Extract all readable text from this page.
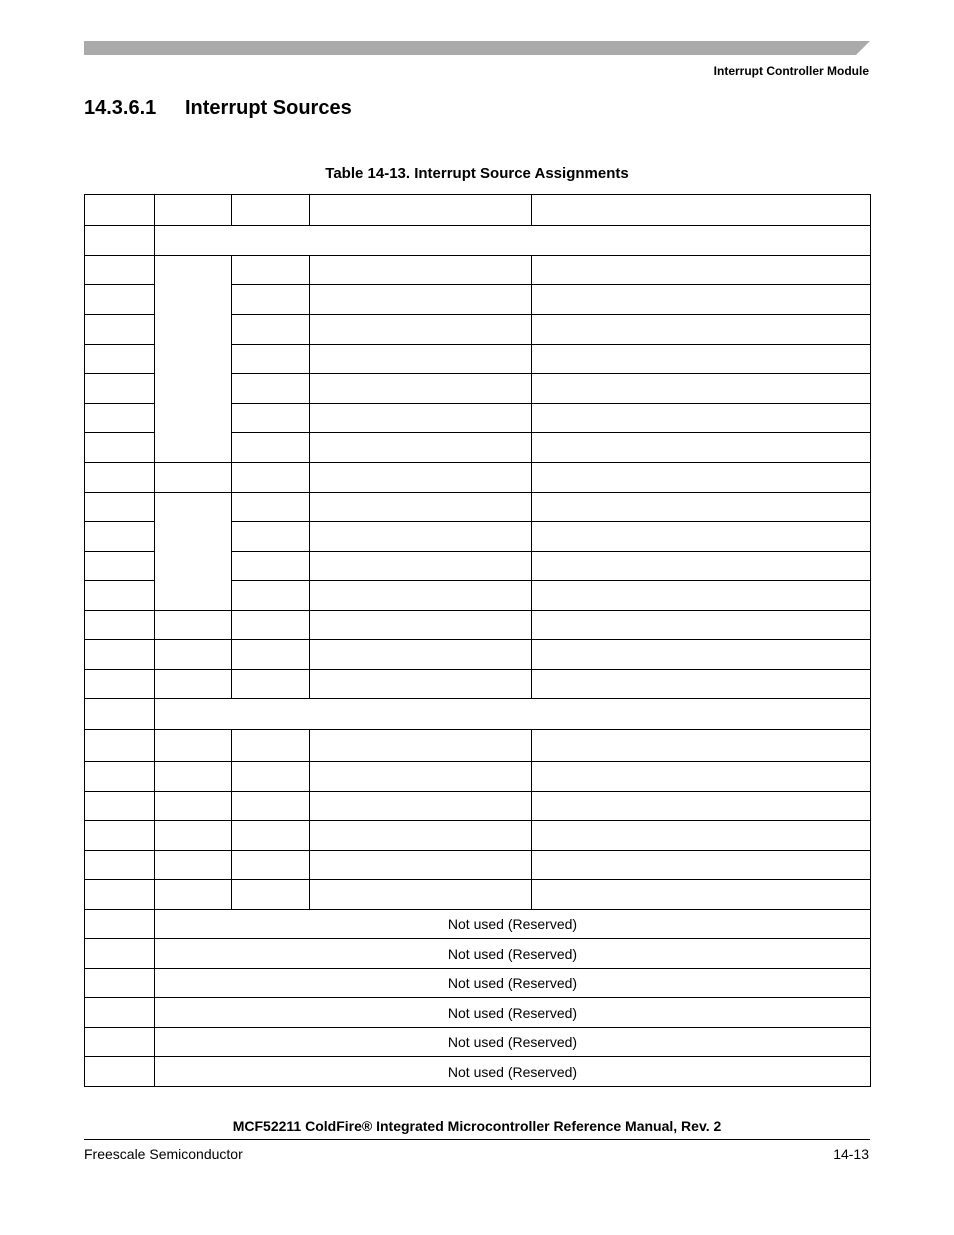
Interrupt Controller Module
14.3.6.1 Interrupt Sources
Table 14-13. Interrupt Source Assignments

	Not used (Reserved)			
	Not used (Reserved)			
	Not used (Reserved)			
	Not used (Reserved)			
	Not used (Reserved)			
	Not used (Reserved)			
MCF52211 ColdFire® Integrated Microcontroller Reference Manual, Rev. 2
Freescale Semiconductor	14-13
